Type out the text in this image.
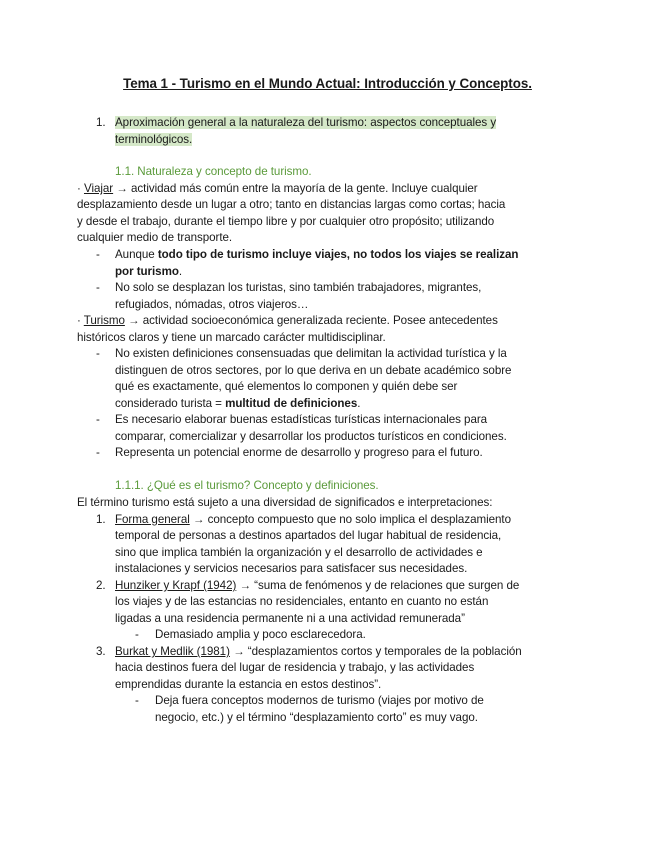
Tema 1 - Turismo en el Mundo Actual: Introducción y Conceptos.
1. Aproximación general a la naturaleza del turismo: aspectos conceptuales y
terminológicos.
1.1. Naturaleza y concepto de turismo.
· Viajar → actividad más común entre la mayoría de la gente. Incluye cualquier
desplazamiento desde un lugar a otro; tanto en distancias largas como cortas; hacia
y desde el trabajo, durante el tiempo libre y por cualquier otro propósito; utilizando
cualquier medio de transporte.
- Aunque todo tipo de turismo incluye viajes, no todos los viajes se realizan
por turismo.
- No solo se desplazan los turistas, sino también trabajadores, migrantes,
refugiados, nómadas, otros viajeros…
· Turismo → actividad socioeconómica generalizada reciente. Posee antecedentes
históricos claros y tiene un marcado carácter multidisciplinar.
- No existen definiciones consensuadas que delimitan la actividad turística y la
distinguen de otros sectores, por lo que deriva en un debate académico sobre
qué es exactamente, qué elementos lo componen y quién debe ser
considerado turista = multitud de definiciones.
- Es necesario elaborar buenas estadísticas turísticas internacionales para
comparar, comercializar y desarrollar los productos turísticos en condiciones.
- Representa un potencial enorme de desarrollo y progreso para el futuro.
1.1.1. ¿Qué es el turismo? Concepto y definiciones.
El término turismo está sujeto a una diversidad de significados e interpretaciones:
1. Forma general → concepto compuesto que no solo implica el desplazamiento
temporal de personas a destinos apartados del lugar habitual de residencia,
sino que implica también la organización y el desarrollo de actividades e
instalaciones y servicios necesarios para satisfacer sus necesidades.
2. Hunziker y Krapf (1942) → “suma de fenómenos y de relaciones que surgen de
los viajes y de las estancias no residenciales, entanto en cuanto no están
ligadas a una residencia permanente ni a una actividad remunerada”
- Demasiado amplia y poco esclarecedora.
3. Burkat y Medlik (1981) → “desplazamientos cortos y temporales de la población
hacia destinos fuera del lugar de residencia y trabajo, y las actividades
emprendidas durante la estancia en estos destinos”.
- Deja fuera conceptos modernos de turismo (viajes por motivo de
negocio, etc.) y el término “desplazamiento corto” es muy vago.
